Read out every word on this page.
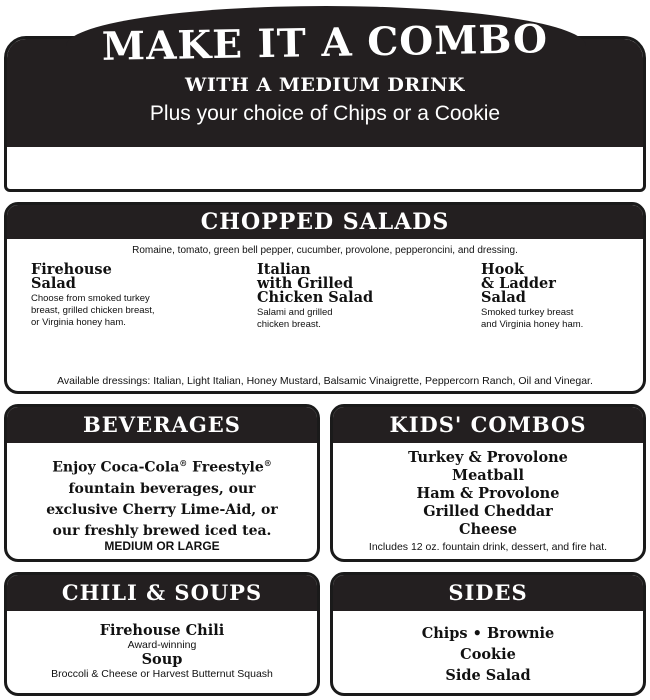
MAKE IT A COMBO
WITH A MEDIUM DRINK
Plus your choice of Chips or a Cookie
CHOPPED SALADS
Romaine, tomato, green bell pepper, cucumber, provolone, pepperoncini, and dressing.
Firehouse
Salad
Choose from smoked turkey
breast, grilled chicken breast,
or Virginia honey ham.
Italian
with Grilled
Chicken Salad
Salami and grilled
chicken breast.
Hook
& Ladder
Salad
Smoked turkey breast
and Virginia honey ham.
Available dressings: Italian, Light Italian, Honey Mustard, Balsamic Vinaigrette, Peppercorn Ranch, Oil and Vinegar.
BEVERAGES
Enjoy Coca-Cola® Freestyle®
fountain beverages, our
exclusive Cherry Lime-Aid, or
our freshly brewed iced tea.
MEDIUM OR LARGE
KIDS' COMBOS
Turkey & Provolone
Meatball
Ham & Provolone
Grilled Cheddar
Cheese
Includes 12 oz. fountain drink, dessert, and fire hat.
CHILI & SOUPS
Firehouse Chili
Award-winning
Soup
Broccoli & Cheese or Harvest Butternut Squash
SIDES
Chips • Brownie
Cookie
Side Salad
